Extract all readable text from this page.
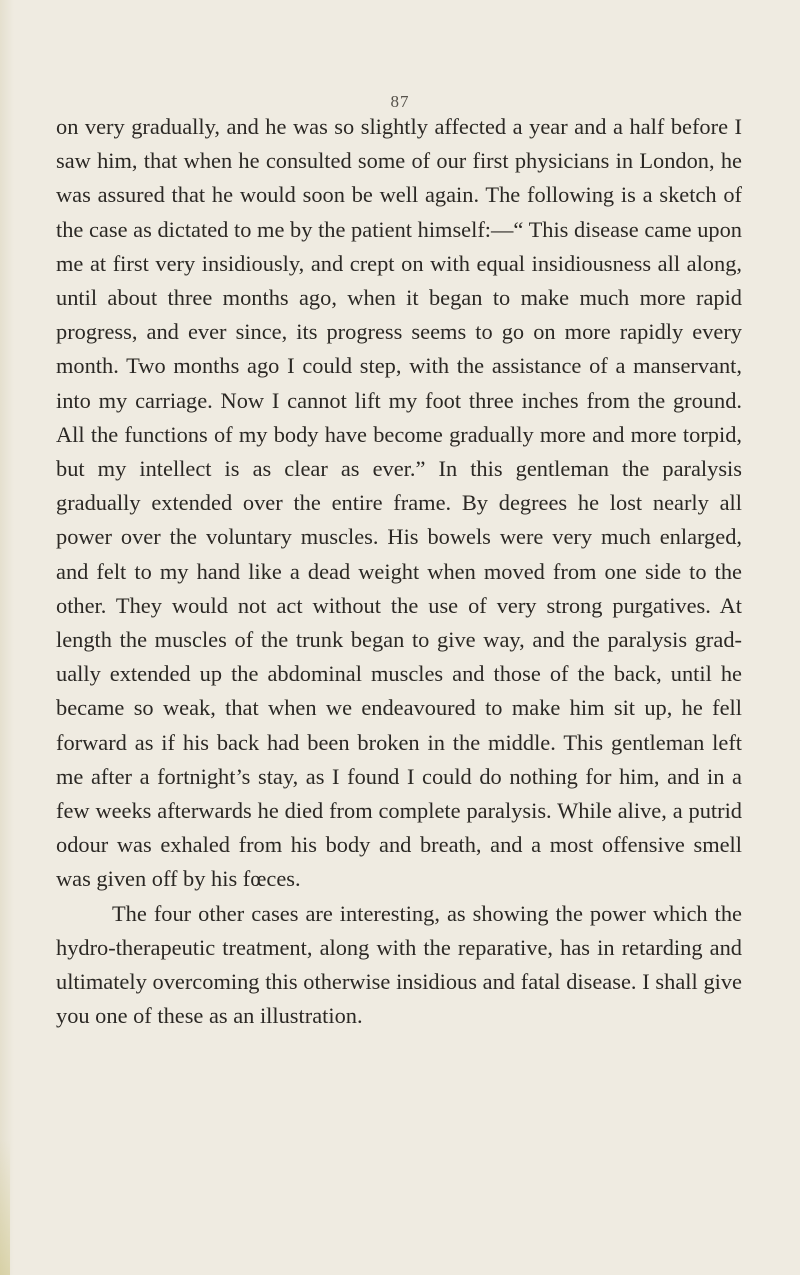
87

on very gradually, and he was so slightly affected a year and a half before I saw him, that when he consulted some of our first physicians in London, he was assured that he would soon be well again. The following is a sketch of the case as dictated to me by the patient himself:—“ This disease came upon me at first very insidiously, and crept on with equal insidiousness all along, until about three months ago, when it began to make much more rapid progress, and ever since, its progress seems to go on more rapidly every month. Two months ago I could step, with the assistance of a manservant, into my carriage. Now I cannot lift my foot three inches from the ground. All the functions of my body have become gradually more and more torpid, but my intellect is as clear as ever.” In this gentleman the paralysis gradually extended over the entire frame. By degrees he lost nearly all power over the voluntary muscles. His bowels were very much enlarged, and felt to my hand like a dead weight when moved from one side to the other. They would not act without the use of very strong purgatives. At length the muscles of the trunk began to give way, and the paralysis gradually extended up the abdominal muscles and those of the back, until he became so weak, that when we endeavoured to make him sit up, he fell forward as if his back had been broken in the middle. This gentleman left me after a fortnight’s stay, as I found I could do nothing for him, and in a few weeks afterwards he died from complete paralysis. While alive, a putrid odour was exhaled from his body and breath, and a most offensive smell was given off by his fœces.

The four other cases are interesting, as showing the power which the hydro-therapeutic treatment, along with the reparative, has in retarding and ultimately overcoming this otherwise insidious and fatal disease. I shall give you one of these as an illustration.
